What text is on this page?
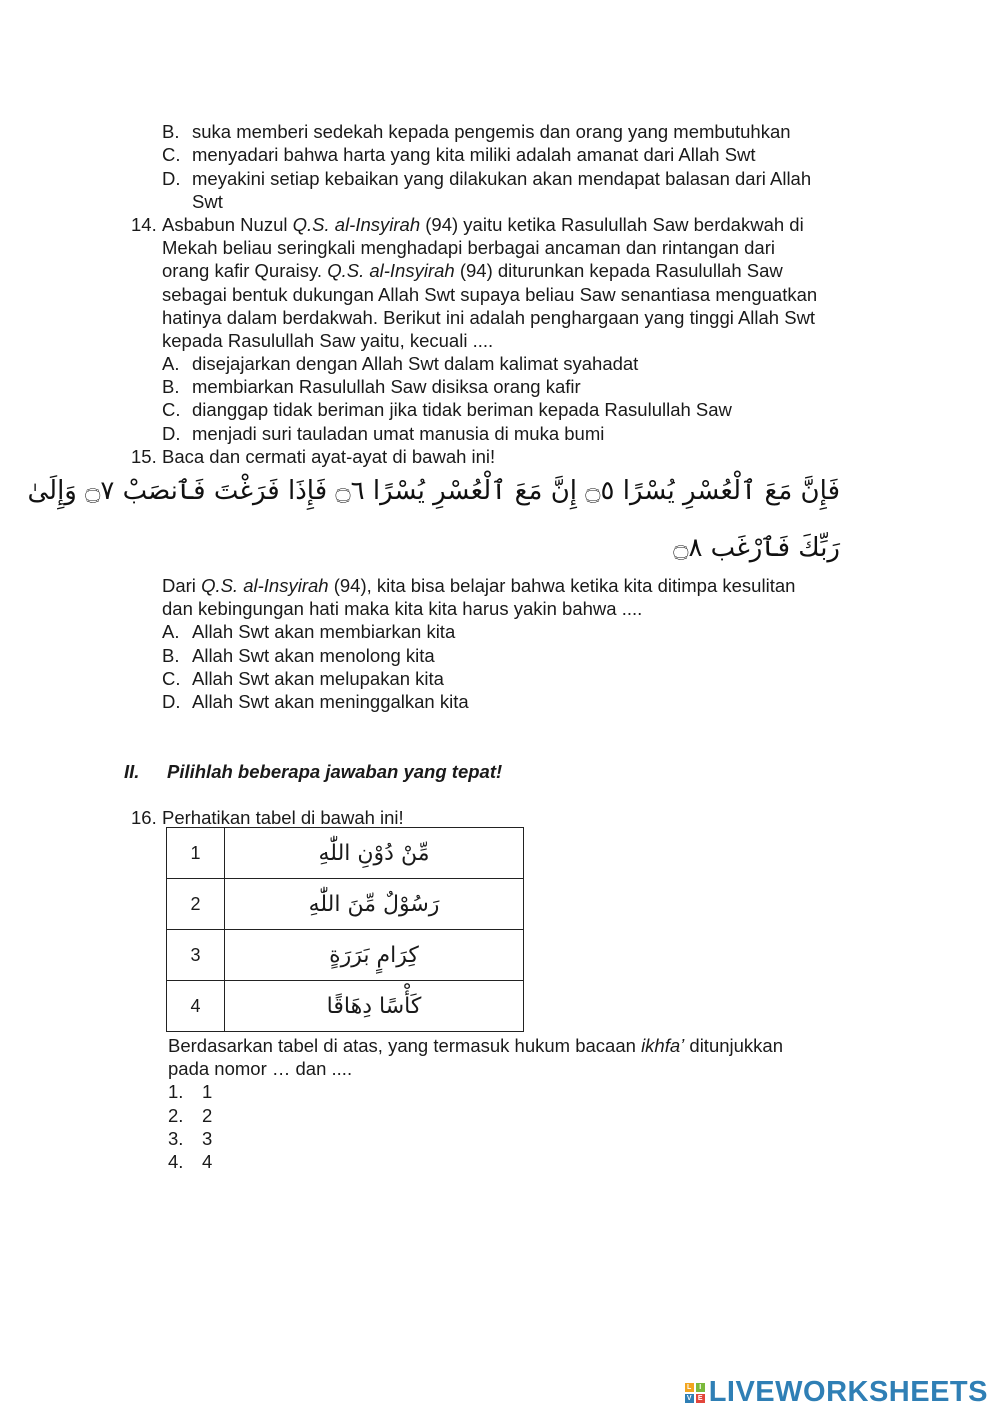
B. suka memberi sedekah kepada pengemis dan orang yang membutuhkan
C. menyadari bahwa harta yang kita miliki adalah amanat dari Allah Swt
D. meyakini setiap kebaikan yang dilakukan akan mendapat balasan dari Allah
Swt
14. Asbabun Nuzul Q.S. al-Insyirah (94) yaitu ketika Rasulullah Saw berdakwah di
Mekah beliau seringkali menghadapi berbagai ancaman dan rintangan dari
orang kafir Quraisy. Q.S. al-Insyirah (94) diturunkan kepada Rasulullah Saw
sebagai bentuk dukungan Allah Swt supaya beliau Saw senantiasa menguatkan
hatinya dalam berdakwah. Berikut ini adalah penghargaan yang tinggi Allah Swt
kepada Rasulullah Saw yaitu, kecuali ....
A. disejajarkan dengan Allah Swt dalam kalimat syahadat
B. membiarkan Rasulullah Saw disiksa orang kafir
C. dianggap tidak beriman jika tidak beriman kepada Rasulullah Saw
D. menjadi suri tauladan umat manusia di muka bumi
15. Baca dan cermati ayat-ayat di bawah ini!
فَإِنَّ مَعَ ٱلْعُسْرِ يُسْرًا ۝٥ إِنَّ مَعَ ٱلْعُسْرِ يُسْرًا ۝٦ فَإِذَا فَرَغْتَ فَٱنصَبْ ۝٧ وَإِلَىٰ
رَبِّكَ فَٱرْغَب ۝٨
Dari Q.S. al-Insyirah (94), kita bisa belajar bahwa ketika kita ditimpa kesulitan
dan kebingungan hati maka kita kita harus yakin bahwa ....
A. Allah Swt akan membiarkan kita
B. Allah Swt akan menolong kita
C. Allah Swt akan melupakan kita
D. Allah Swt akan meninggalkan kita
II. Pilihlah beberapa jawaban yang tepat!
16. Perhatikan tabel di bawah ini!
1	مِّنْ دُوْنِ اللّٰهِ
2	رَسُوْلٌ مِّنَ اللّٰهِ
3	كِرَامٍ بَرَرَةٍ
4	كَأْسًا دِهَاقًا
Berdasarkan tabel di atas, yang termasuk hukum bacaan ikhfa’ ditunjukkan
pada nomor … dan ....
1. 1
2. 2
3. 3
4. 4
L	I
V E LIVEWORKSHEETS
